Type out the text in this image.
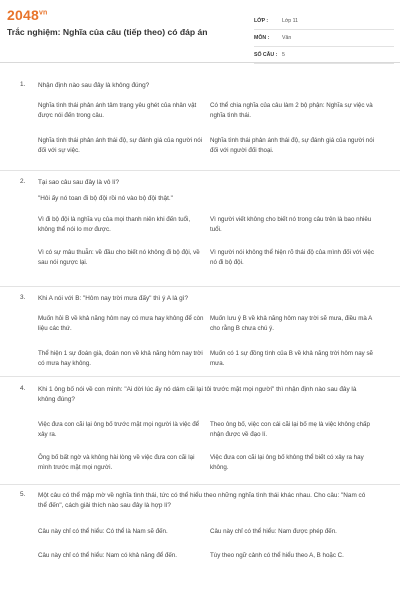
$2048^{vn}$
Trắc nghiệm: Nghĩa của câu (tiếp theo) có đáp án
LỚP :	Lớp 11
MÔN :	Văn
SỐ CÂU : 5
1. Nhận định nào sau đây là không đúng?
Nghĩa tình thái phản ánh tâm trạng yêu ghét của nhân vật được nói đến trong câu.
Có thể chia nghĩa của câu làm 2 bộ phận: Nghĩa sự việc và nghĩa tình thái.
Nghĩa tình thái phản ánh thái độ, sự đánh giá của người nói đối với sự việc.
Nghĩa tình thái phản ánh thái độ, sự đánh giá của người nói đối với người đối thoại.
2. Tại sao câu sau đây là vô lí?
"Hôi ấy nó toan đi bộ đội rồi nó vào bộ đội thật."
Vì đi bộ đội là nghĩa vụ của mọi thanh niên khi đến tuổi, không thể nói lo mơ được.
Vì người viết không cho biết nó trong câu trên là bao nhiêu tuổi.
Vì có sự mâu thuẫn: về đầu cho biết nó không đi bộ đội, về sau nói ngược lại.
Vì người nói không thể hiện rõ thái độ của mình đối với việc nó đi bộ đội.
3. Khi A nói với B: "Hôm nay trời mưa đấy" thì ý A là gì?
Muốn hỏi B về khả năng hôm nay có mưa hay không để còn liệu các thứ.
Muốn lưu ý B về khả năng hôm nay trời sẽ mưa, điều mà A cho rằng B chưa chú ý.
Thể hiện 1 sự đoán già, đoán non về khả năng hôm nay trời có mưa hay không.
Muốn có 1 sự đồng tình của B về khả năng trời hôm nay sẽ mưa.
4. Khi 1 ông bố nói về con mình: "Ai dời lúc ấy nó dám cãi lại tôi trước mặt mọi người" thì nhận định nào sau đây là không đúng?
Việc đưa con cãi lại ông bố trước mặt mọi người là việc để xảy ra.
Theo ông bố, việc con cái cãi lại bố mẹ là việc không chấp nhận được về đạo lí.
Ông bố bất ngờ và không hài lòng về việc đưa con cãi lại mình trước mặt mọi người.
Việc đưa con cãi lại ông bố không thể biết có xảy ra hay không.
5. Một câu có thể mập mờ về nghĩa tình thái, tức có thể hiểu theo những nghĩa tình thái khác nhau. Cho câu: "Nam có thể đến", cách giải thích nào sau đây là hợp lí?
Câu này chỉ có thể hiểu: Có thể là Nam sẽ đến.	Câu này chỉ có thể hiểu: Nam được phép đến.
Câu này chỉ có thể hiểu: Nam có khả năng để đến.	Tùy theo ngữ cảnh có thể hiểu theo A, B hoặc C.
